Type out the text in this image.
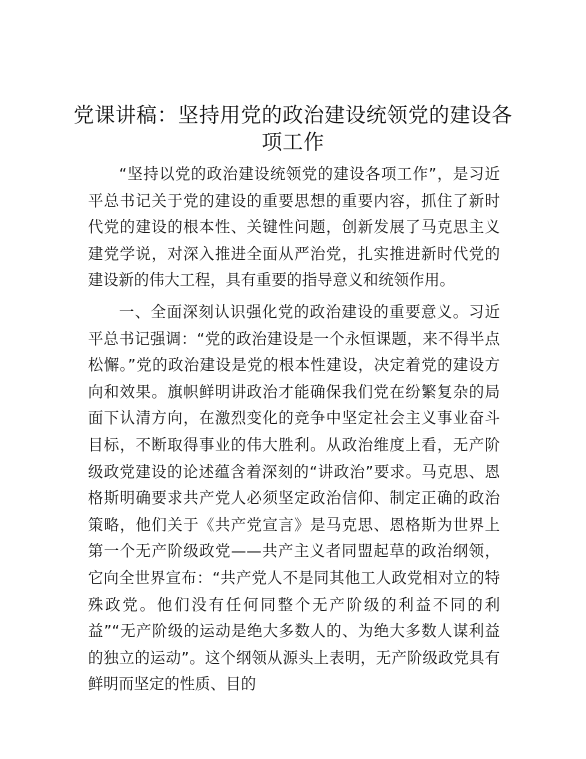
党课讲稿：坚持用党的政治建设统领党的建设各项工作

“坚持以党的政治建设统领党的建设各项工作”，是习近平总书记关于党的建设的重要思想的重要内容，抓住了新时代党的建设的根本性、关键性问题，创新发展了马克思主义建党学说，对深入推进全面从严治党，扎实推进新时代党的建设新的伟大工程，具有重要的指导意义和统领作用。

一、全面深刻认识强化党的政治建设的重要意义。习近平总书记强调：“党的政治建设是一个永恒课题，来不得半点松懈。”党的政治建设是党的根本性建设，决定着党的建设方向和效果。旗帜鲜明讲政治才能确保我们党在纷繁复杂的局面下认清方向，在激烈变化的竞争中坚定社会主义事业奋斗目标，不断取得事业的伟大胜利。从政治维度上看，无产阶级政党建设的论述蕴含着深刻的“讲政治”要求。马克思、恩格斯明确要求共产党人必须坚定政治信仰、制定正确的政治策略，他们关于《共产党宣言》是马克思、恩格斯为世界上第一个无产阶级政党——共产主义者同盟起草的政治纲领，它向全世界宣布：“共产党人不是同其他工人政党相对立的特殊政党。他们没有任何同整个无产阶级的利益不同的利益”“无产阶级的运动是绝大多数人的、为绝大多数人谋利益的独立的运动”。这个纲领从源头上表明，无产阶级政党具有鲜明而坚定的性质、目的
